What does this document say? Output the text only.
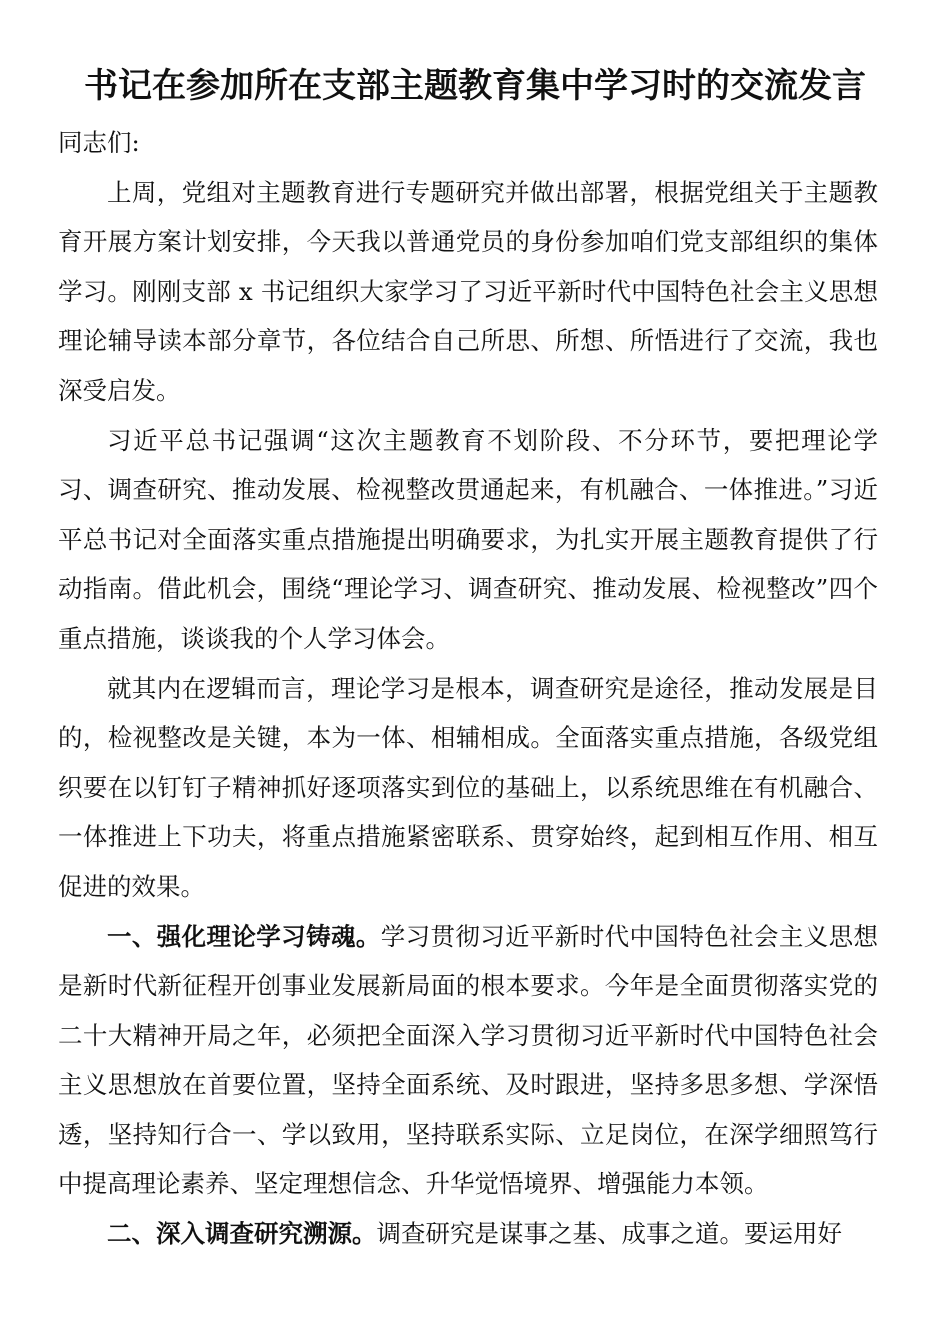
书记在参加所在支部主题教育集中学习时的交流发言

同志们:

上周，党组对主题教育进行专题研究并做出部署，根据党组关于主题教育开展方案计划安排，今天我以普通党员的身份参加咱们党支部组织的集体学习。刚刚支部 x 书记组织大家学习了习近平新时代中国特色社会主义思想理论辅导读本部分章节，各位结合自己所思、所想、所悟进行了交流，我也深受启发。

习近平总书记强调“这次主题教育不划阶段、不分环节，要把理论学习、调查研究、推动发展、检视整改贯通起来，有机融合、一体推进。”习近平总书记对全面落实重点措施提出明确要求，为扎实开展主题教育提供了行动指南。借此机会，围绕“理论学习、调查研究、推动发展、检视整改”四个重点措施，谈谈我的个人学习体会。

就其内在逻辑而言，理论学习是根本，调查研究是途径，推动发展是目的，检视整改是关键，本为一体、相辅相成。全面落实重点措施，各级党组织要在以钉钉子精神抓好逐项落实到位的基础上，以系统思维在有机融合、一体推进上下功夫，将重点措施紧密联系、贯穿始终，起到相互作用、相互促进的效果。

一、强化理论学习铸魂。学习贯彻习近平新时代中国特色社会主义思想是新时代新征程开创事业发展新局面的根本要求。今年是全面贯彻落实党的二十大精神开局之年，必须把全面深入学习贯彻习近平新时代中国特色社会主义思想放在首要位置，坚持全面系统、及时跟进，坚持多思多想、学深悟透，坚持知行合一、学以致用，坚持联系实际、立足岗位，在深学细照笃行中提高理论素养、坚定理想信念、升华觉悟境界、增强能力本领。

二、深入调查研究溯源。调查研究是谋事之基、成事之道。要运用好
